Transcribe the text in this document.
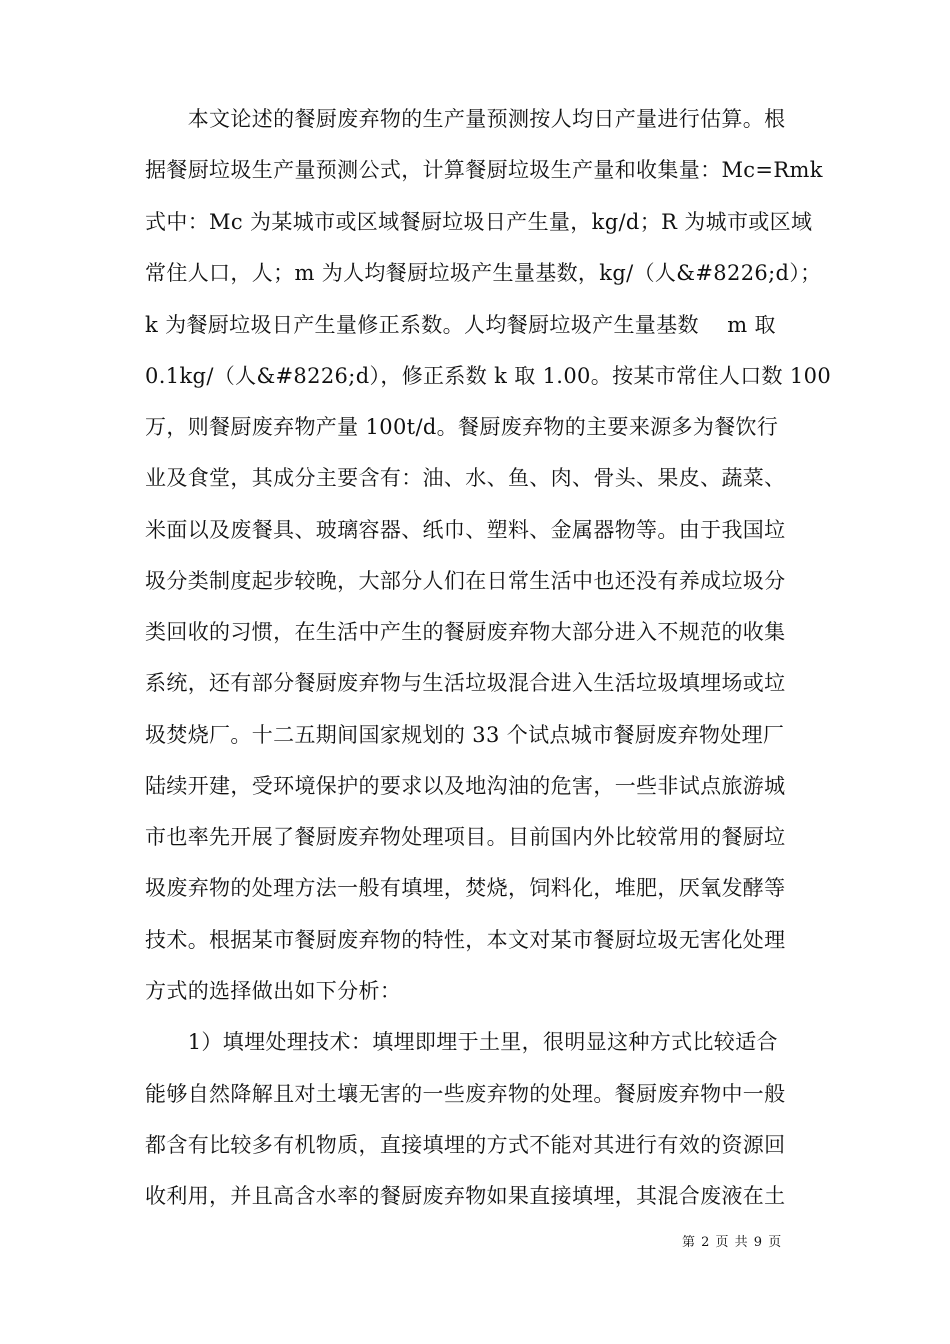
　　本文论述的餐厨废弃物的生产量预测按人均日产量进行估算。根
据餐厨垃圾生产量预测公式，计算餐厨垃圾生产量和收集量：Mc=Rmk
式中：Mc 为某城市或区域餐厨垃圾日产生量，kg/d；R 为城市或区域
常住人口，人；m 为人均餐厨垃圾产生量基数，kg/（人&#8226;d）；
k 为餐厨垃圾日产生量修正系数。人均餐厨垃圾产生量基数　 m 取
0.1kg/（人&#8226;d），修正系数 k 取 1.00。按某市常住人口数 100
万，则餐厨废弃物产量 100t/d。餐厨废弃物的主要来源多为餐饮行
业及食堂，其成分主要含有：油、水、鱼、肉、骨头、果皮、蔬菜、
米面以及废餐具、玻璃容器、纸巾、塑料、金属器物等。由于我国垃
圾分类制度起步较晚，大部分人们在日常生活中也还没有养成垃圾分
类回收的习惯，在生活中产生的餐厨废弃物大部分进入不规范的收集
系统，还有部分餐厨废弃物与生活垃圾混合进入生活垃圾填埋场或垃
圾焚烧厂。十二五期间国家规划的 33 个试点城市餐厨废弃物处理厂
陆续开建，受环境保护的要求以及地沟油的危害，一些非试点旅游城
市也率先开展了餐厨废弃物处理项目。目前国内外比较常用的餐厨垃
圾废弃物的处理方法一般有填埋，焚烧，饲料化，堆肥，厌氧发酵等
技术。根据某市餐厨废弃物的特性，本文对某市餐厨垃圾无害化处理
方式的选择做出如下分析：
　　1）填埋处理技术：填埋即埋于土里，很明显这种方式比较适合
能够自然降解且对土壤无害的一些废弃物的处理。餐厨废弃物中一般
都含有比较多有机物质，直接填埋的方式不能对其进行有效的资源回
收利用，并且高含水率的餐厨废弃物如果直接填埋，其混合废液在土
第 2 页 共 9 页
